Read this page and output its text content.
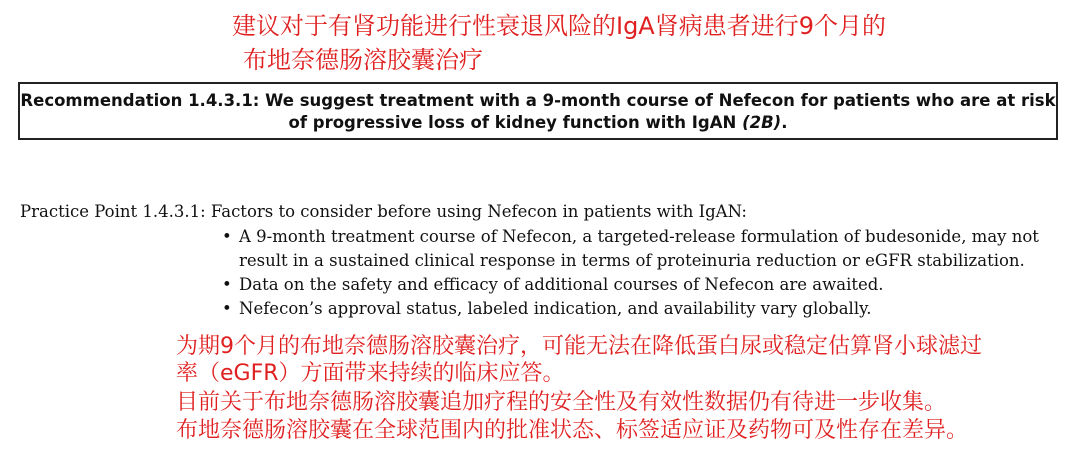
建议对于有肾功能进行性衰退风险的IgA肾病患者进行9个月的
布地奈德肠溶胶囊治疗
Recommendation 1.4.3.1: We suggest treatment with a 9-month course of Nefecon for patients who are at risk
of progressive loss of kidney function with IgAN (2B).
Practice Point 1.4.3.1: Factors to consider before using Nefecon in patients with IgAN:
• A 9-month treatment course of Nefecon, a targeted-release formulation of budesonide, may not
result in a sustained clinical response in terms of proteinuria reduction or eGFR stabilization.
• Data on the safety and efficacy of additional courses of Nefecon are awaited.
• Nefecon’s approval status, labeled indication, and availability vary globally.
为期9个月的布地奈德肠溶胶囊治疗，可能无法在降低蛋白尿或稳定估算肾小球滤过
率（eGFR）方面带来持续的临床应答。
目前关于布地奈德肠溶胶囊追加疗程的安全性及有效性数据仍有待进一步收集。
布地奈德肠溶胶囊在全球范围内的批准状态、标签适应证及药物可及性存在差异。
